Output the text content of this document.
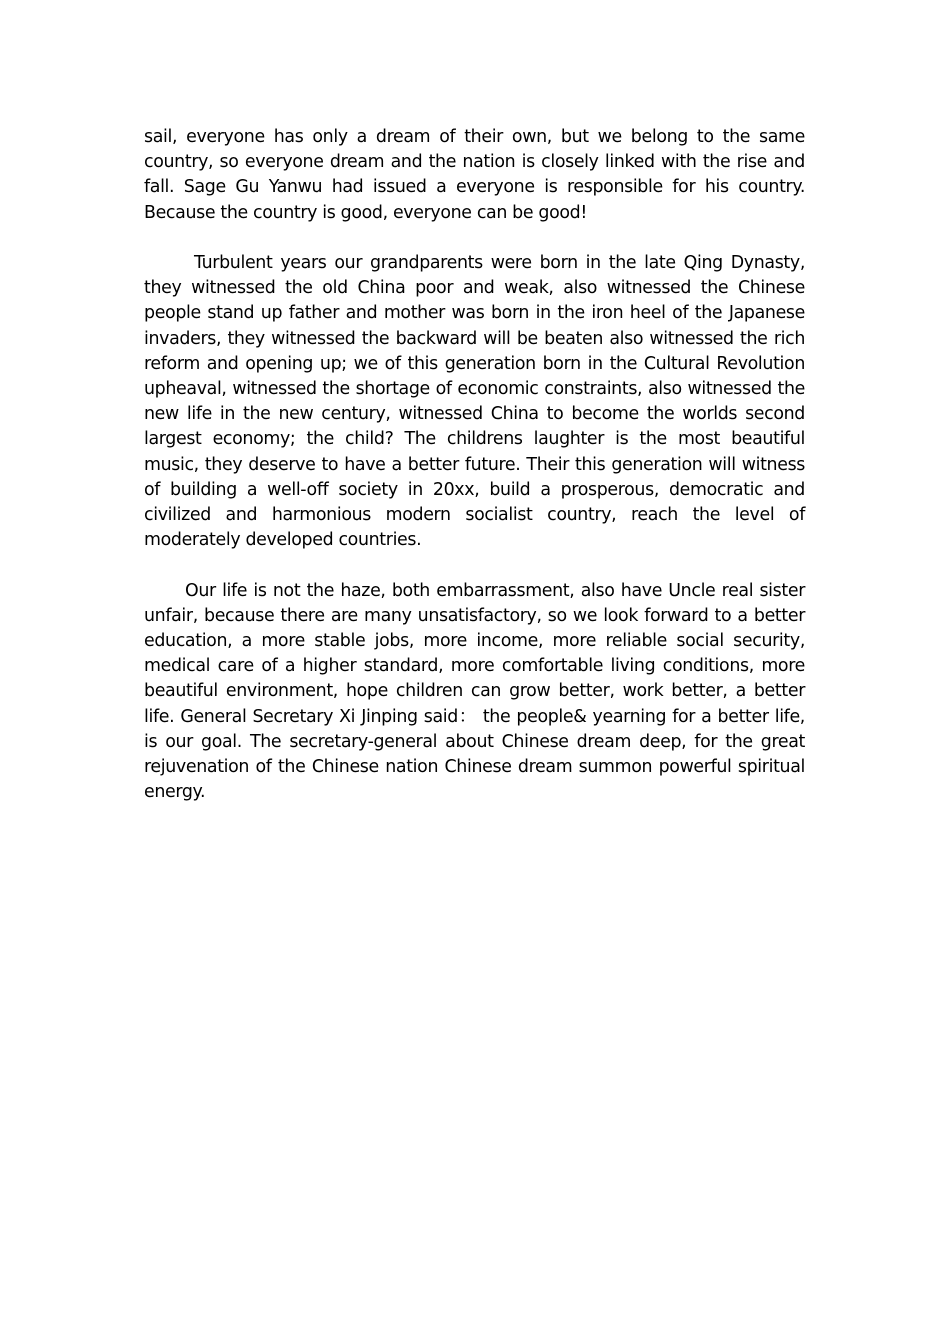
sail, everyone has only a dream of their own, but we belong to the same country, so everyone dream and the nation is closely linked with the rise and fall. Sage Gu Yanwu had issued a everyone is responsible for his country. Because the country is good, everyone can be good!

Turbulent years our grandparents were born in the late Qing Dynasty, they witnessed the old China poor and weak, also witnessed the Chinese people stand up father and mother was born in the iron heel of the Japanese invaders, they witnessed the backward will be beaten also witnessed the rich reform and opening up; we of this generation born in the Cultural Revolution upheaval, witnessed the shortage of economic constraints, also witnessed the new life in the new century, witnessed China to become the worlds second largest economy; the child? The childrens laughter is the most beautiful music, they deserve to have a better future. Their this generation will witness of building a well-off society in 20xx, build a prosperous, democratic and civilized and harmonious modern socialist country, reach the level of moderately developed countries.

Our life is not the haze, both embarrassment, also have Uncle real sister unfair, because there are many unsatisfactory, so we look forward to a better education, a more stable jobs, more income, more reliable social security, medical care of a higher standard, more comfortable living conditions, more beautiful environment, hope children can grow better, work better, a better life. General Secretary Xi Jinping said： the people& yearning for a better life, is our goal. The secretary-general about Chinese dream deep, for the great rejuvenation of the Chinese nation Chinese dream summon powerful spiritual energy.
